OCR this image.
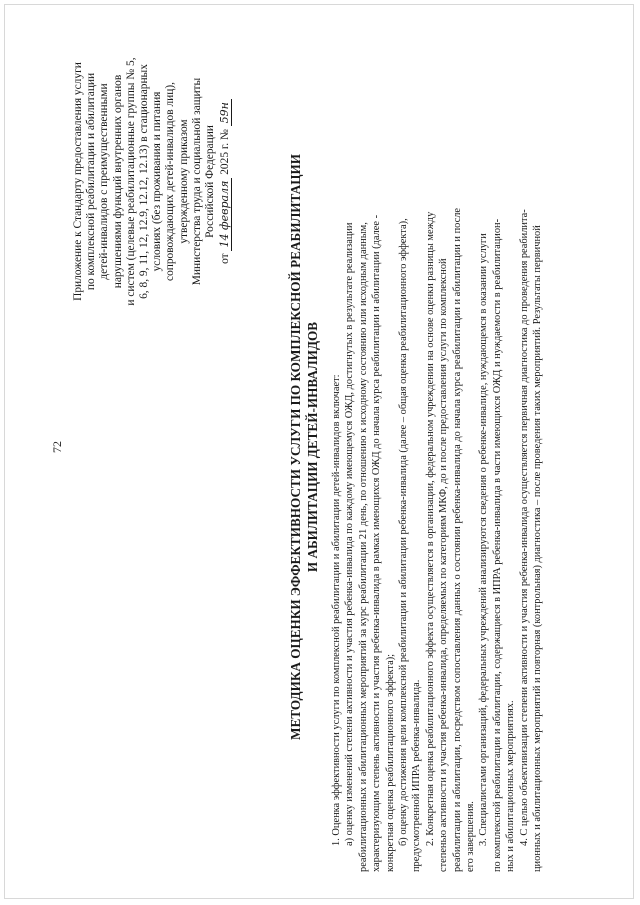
72
Приложение к Стандарту предоставления услуги по комплексной реабилитации и абилитации детей-инвалидов с преимущественными нарушениями функций внутренних органов и систем (целевые реабилитационные группы № 5, 6, 8, 9, 11, 12, 12.9, 12.12, 12.13) в стационарных условиях (без проживания и питания сопровождающих детей-инвалидов лиц), утвержденному приказом Министерства труда и социальной защиты Российской Федерации
от 14 февраля 2025 г. № 59н
МЕТОДИКА ОЦЕНКИ ЭФФЕКТИВНОСТИ УСЛУГИ ПО КОМПЛЕКСНОЙ РЕАБИЛИТАЦИИ И АБИЛИТАЦИИ ДЕТЕЙ-ИНВАЛИДОВ 1. Оценка эффективности услуги по комплексной реабилитации и абилитации детей-инвалидов включает: а) оценку изменений степени активности и участия ребенка-инвалида по каждому имеющемуся ОЖД, достигнутых в результате реализации реабилитационных и абилитационных мероприятий за курс реабилитации 21 день, по отношению к исходному состоянию или исходным данным, характеризующим степень активности и участия ребенка-инвалида в рамках имеющихся ОЖД до начала курса реабилитации и абилитации (далее - конкретная оценка реабилитационного эффекта); б) оценку достижения цели комплексной реабилитации и абилитации ребенка-инвалида (далее – общая оценка реабилитационного эффекта), предусмотренной ИПРА ребенка-инвалида. 2. Конкретная оценка реабилитационного эффекта осуществляется в организации, федеральном учреждении на основе оценки разницы между степенью активности и участия ребенка-инвалида, определяемых по категориям МКФ, до и после предоставления услуги по комплексной реабилитации и абилитации, посредством сопоставления данных о состоянии ребенка-инвалида до начала курса реабилитации и абилитации и после его завершения. 3. Специалистами организаций, федеральных учреждений анализируются сведения о ребенке-инвалиде, нуждающемся в оказании услуги по комплексной реабилитации и абилитации, содержащиеся в ИПРА ребенка-инвалида в части имеющихся ОЖД и нуждаемости в реабилитацион- ных и абилитационных мероприятиях. 4. С целью объективизации степени активности и участия ребенка-инвалида осуществляется первичная диагностика до проведения реабилита- ционных и абилитационных мероприятий и повторная (контрольная) диагностика – после проведения таких мероприятий. Результаты первичной
